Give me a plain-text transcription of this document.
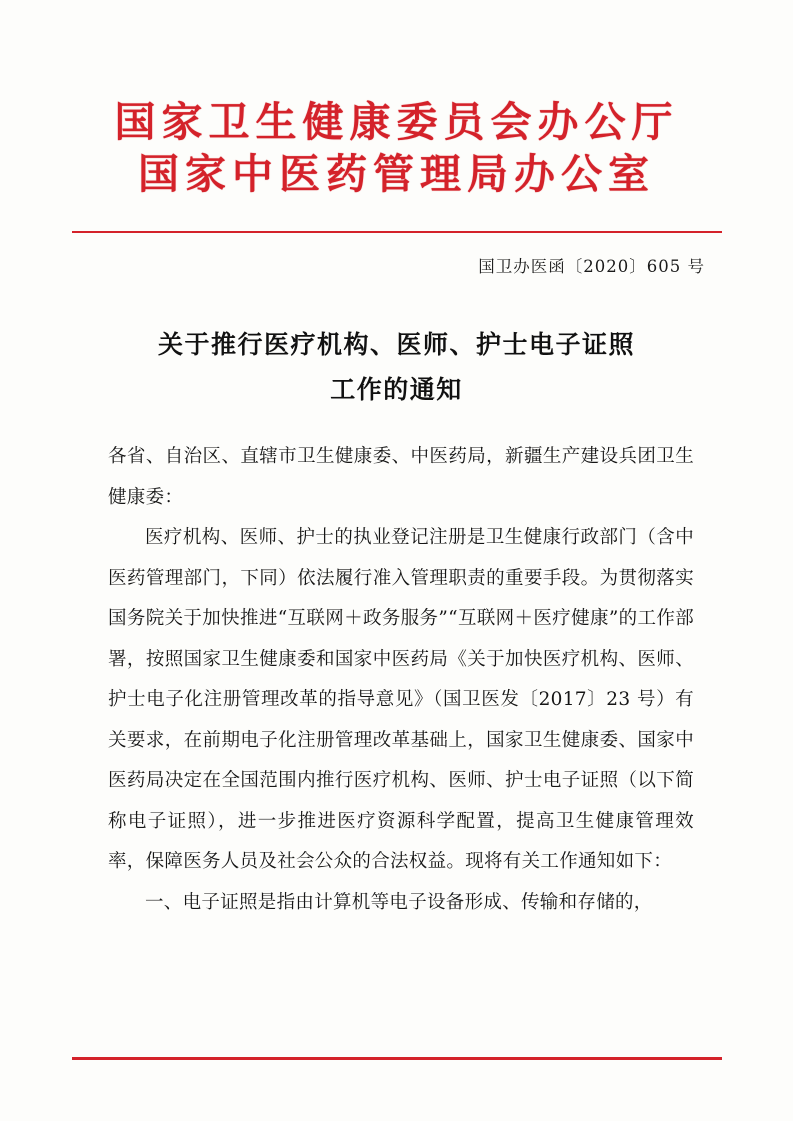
国家卫生健康委员会办公厅
国家中医药管理局办公室
国卫办医函〔2020〕605 号
关于推行医疗机构、医师、护士电子证照
工作的通知

各省、自治区、直辖市卫生健康委、中医药局，新疆生产建设兵团卫生健康委：

医疗机构、医师、护士的执业登记注册是卫生健康行政部门（含中医药管理部门，下同）依法履行准入管理职责的重要手段。为贯彻落实国务院关于加快推进“互联网＋政务服务”“互联网＋医疗健康”的工作部署，按照国家卫生健康委和国家中医药局《关于加快医疗机构、医师、护士电子化注册管理改革的指导意见》（国卫医发〔2017〕23 号）有关要求，在前期电子化注册管理改革基础上，国家卫生健康委、国家中医药局决定在全国范围内推行医疗机构、医师、护士电子证照（以下简称电子证照），进一步推进医疗资源科学配置，提高卫生健康管理效率，保障医务人员及社会公众的合法权益。现将有关工作通知如下：

一、电子证照是指由计算机等电子设备形成、传输和存储的，
